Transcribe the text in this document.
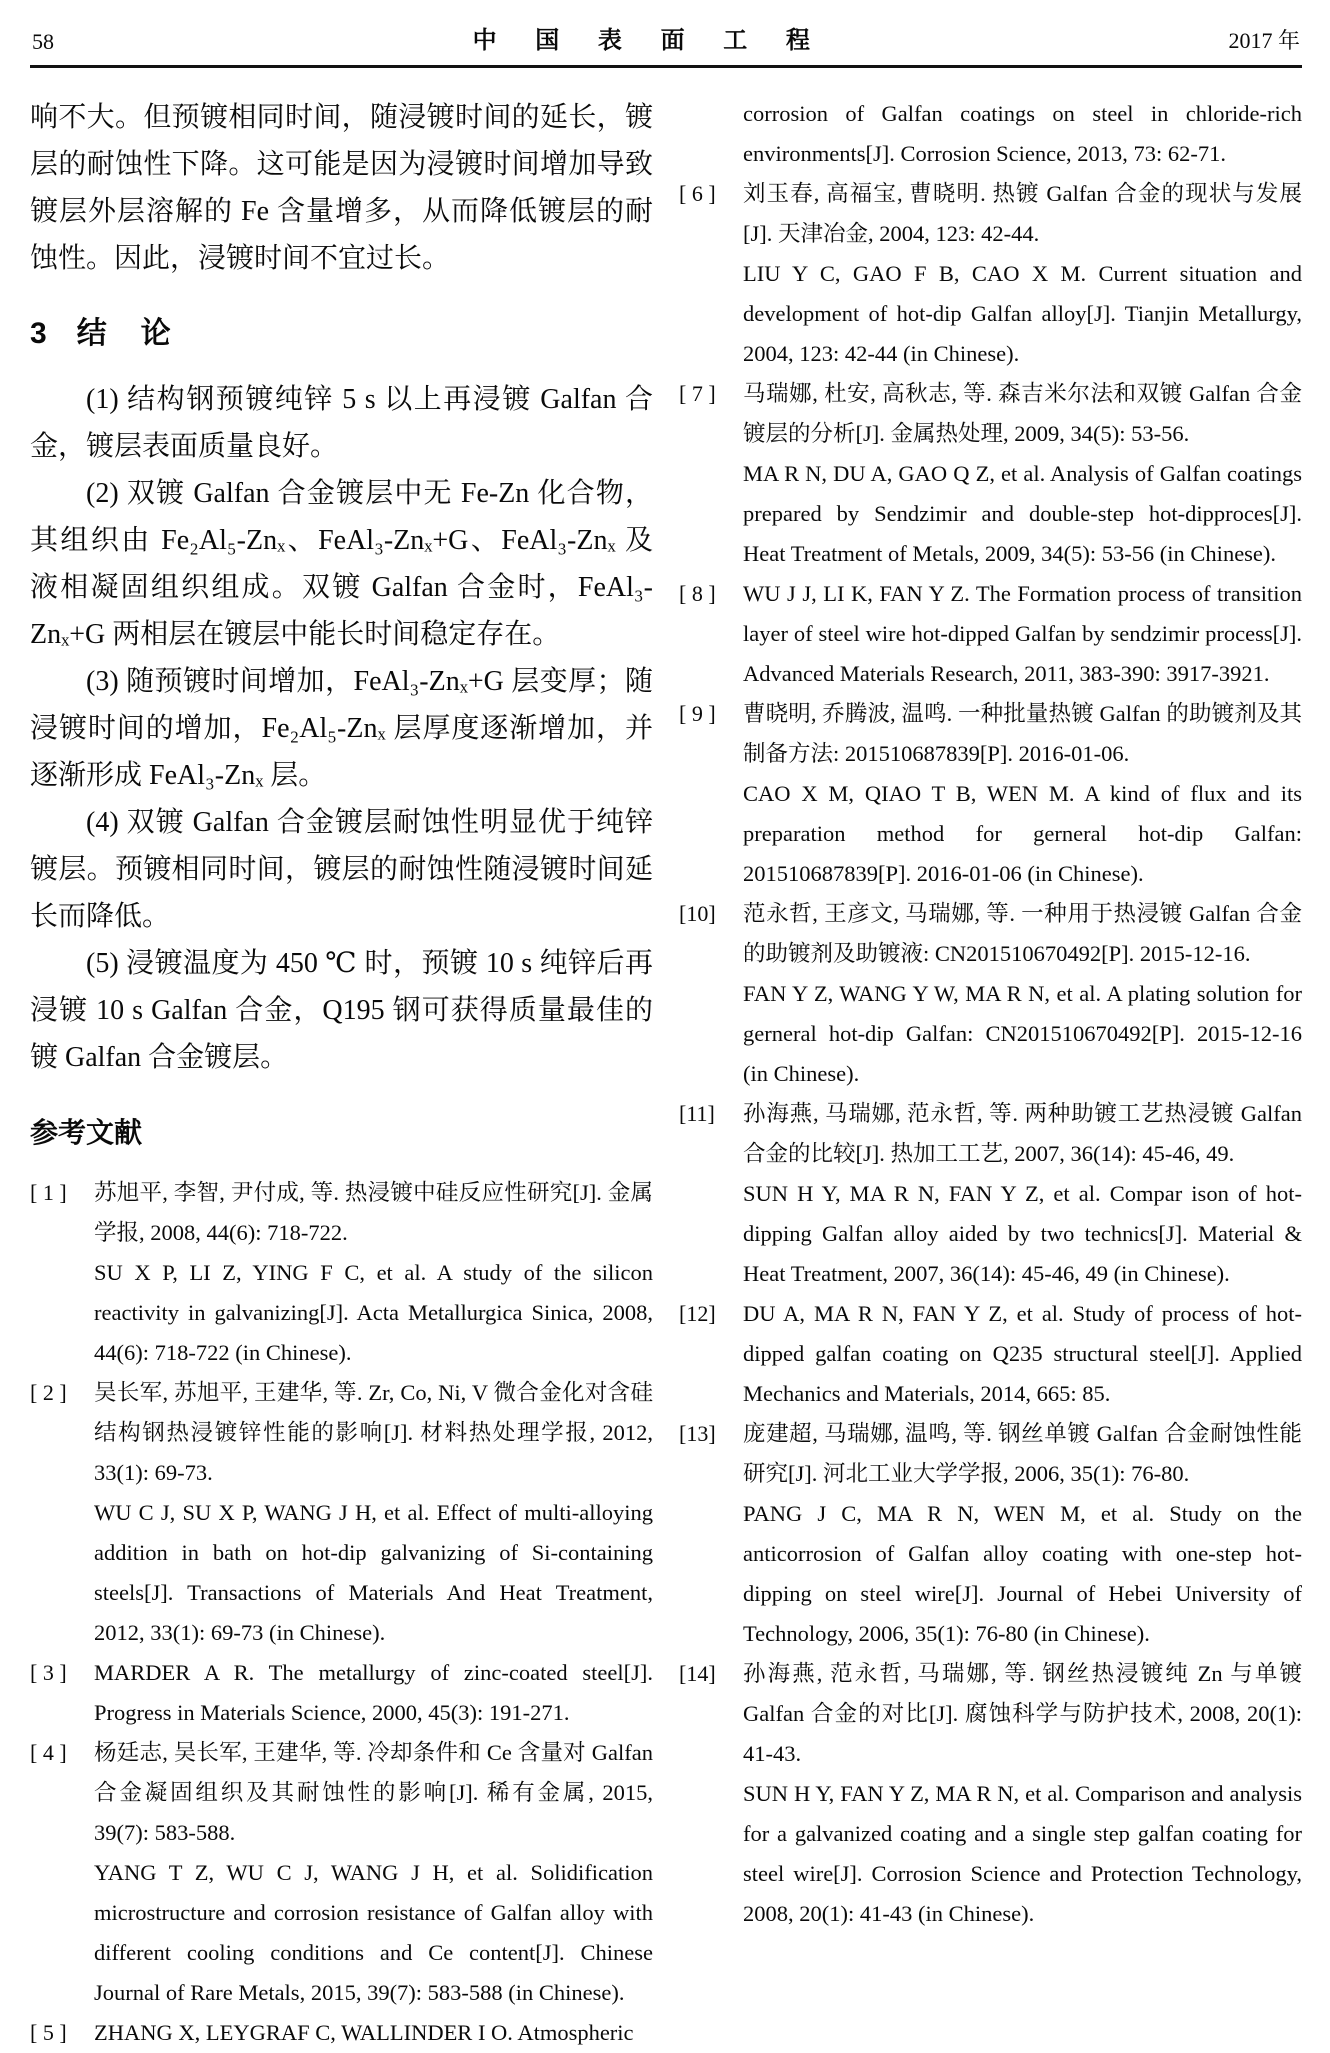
58	中 国 表 面 工 程	2017 年

响不大。但预镀相同时间，随浸镀时间的延长，镀层的耐蚀性下降。这可能是因为浸镀时间增加导致镀层外层溶解的 Fe 含量增多，从而降低镀层的耐蚀性。因此，浸镀时间不宜过长。

3 结　论

(1) 结构钢预镀纯锌 5 s 以上再浸镀 Galfan 合金，镀层表面质量良好。

(2) 双镀 Galfan 合金镀层中无 Fe-Zn 化合物，其组织由 Fe₂Al₅-Znₓ、FeAl₃-Znₓ+G、FeAl₃-Znₓ 及液相凝固组织组成。双镀 Galfan 合金时，FeAl₃-Znₓ+G 两相层在镀层中能长时间稳定存在。

(3) 随预镀时间增加，FeAl₃-Znₓ+G 层变厚；随浸镀时间的增加，Fe₂Al₅-Znₓ 层厚度逐渐增加，并逐渐形成 FeAl₃-Znₓ 层。

(4) 双镀 Galfan 合金镀层耐蚀性明显优于纯锌镀层。预镀相同时间，镀层的耐蚀性随浸镀时间延长而降低。

(5) 浸镀温度为 450 ℃ 时，预镀 10 s 纯锌后再浸镀 10 s Galfan 合金，Q195 钢可获得质量最佳的镀 Galfan 合金镀层。

参考文献
[ 1 ]	苏旭平, 李智, 尹付成, 等. 热浸镀中硅反应性研究[J]. 金属学报, 2008, 44(6): 718-722.

SU X P, LI Z, YING F C, et al. A study of the silicon reactivity in galvanizing[J]. Acta Metallurgica Sinica, 2008, 44(6): 718-722 (in Chinese).

[ 2 ]	吴长军, 苏旭平, 王建华, 等. Zr, Co, Ni, V 微合金化对含硅结构钢热浸镀锌性能的影响[J]. 材料热处理学报, 2012, 33(1): 69-73.

WU C J, SU X P, WANG J H, et al. Effect of multi-alloying addition in bath on hot-dip galvanizing of Si-containing steels[J]. Transactions of Materials And Heat Treatment, 2012, 33(1): 69-73 (in Chinese).

[ 3 ]	MARDER A R. The metallurgy of zinc-coated steel[J]. Progress in Materials Science, 2000, 45(3): 191-271.

[ 4 ]	杨廷志, 吴长军, 王建华, 等. 冷却条件和 Ce 含量对 Galfan 合金凝固组织及其耐蚀性的影响[J]. 稀有金属, 2015, 39(7): 583-588.

YANG T Z, WU C J, WANG J H, et al. Solidification microstructure and corrosion resistance of Galfan alloy with different cooling conditions and Ce content[J]. Chinese Journal of Rare Metals, 2015, 39(7): 583-588 (in Chinese).

[ 5 ]	ZHANG X, LEYGRAF C, WALLINDER I O. Atmospheric

corrosion of Galfan coatings on steel in chloride-rich environments[J]. Corrosion Science, 2013, 73: 62-71.

[ 6 ]	刘玉春, 高福宝, 曹晓明. 热镀 Galfan 合金的现状与发展[J]. 天津冶金, 2004, 123: 42-44.

LIU Y C, GAO F B, CAO X M. Current situation and development of hot-dip Galfan alloy[J]. Tianjin Metallurgy, 2004, 123: 42-44 (in Chinese).

[ 7 ]	马瑞娜, 杜安, 高秋志, 等. 森吉米尔法和双镀 Galfan 合金镀层的分析[J]. 金属热处理, 2009, 34(5): 53-56.

MA R N, DU A, GAO Q Z, et al. Analysis of Galfan coatings prepared by Sendzimir and double-step hot-dipproces[J]. Heat Treatment of Metals, 2009, 34(5): 53-56 (in Chinese).

[ 8 ]	WU J J, LI K, FAN Y Z. The Formation process of transition layer of steel wire hot-dipped Galfan by sendzimir process[J]. Advanced Materials Research, 2011, 383-390: 3917-3921.

[ 9 ]	曹晓明, 乔腾波, 温鸣. 一种批量热镀 Galfan 的助镀剂及其制备方法: 201510687839[P]. 2016-01-06.

CAO X M, QIAO T B, WEN M. A kind of flux and its preparation method for gerneral hot-dip Galfan: 201510687839[P]. 2016-01-06 (in Chinese).

[10]	范永哲, 王彦文, 马瑞娜, 等. 一种用于热浸镀 Galfan 合金的助镀剂及助镀液: CN201510670492[P]. 2015-12-16.

FAN Y Z, WANG Y W, MA R N, et al. A plating solution for gerneral hot-dip Galfan: CN201510670492[P]. 2015-12-16 (in Chinese).

[11]	孙海燕, 马瑞娜, 范永哲, 等. 两种助镀工艺热浸镀 Galfan 合金的比较[J]. 热加工工艺, 2007, 36(14): 45-46, 49.

SUN H Y, MA R N, FAN Y Z, et al. Compar ison of hot-dipping Galfan alloy aided by two technics[J]. Material & Heat Treatment, 2007, 36(14): 45-46, 49 (in Chinese).

[12]	DU A, MA R N, FAN Y Z, et al. Study of process of hot-dipped galfan coating on Q235 structural steel[J]. Applied Mechanics and Materials, 2014, 665: 85.

[13]	庞建超, 马瑞娜, 温鸣, 等. 钢丝单镀 Galfan 合金耐蚀性能研究[J]. 河北工业大学学报, 2006, 35(1): 76-80.

PANG J C, MA R N, WEN M, et al. Study on the anticorrosion of Galfan alloy coating with one-step hot-dipping on steel wire[J]. Journal of Hebei University of Technology, 2006, 35(1): 76-80 (in Chinese).

[14]	孙海燕, 范永哲, 马瑞娜, 等. 钢丝热浸镀纯 Zn 与单镀 Galfan 合金的对比[J]. 腐蚀科学与防护技术, 2008, 20(1): 41-43.

SUN H Y, FAN Y Z, MA R N, et al. Comparison and analysis for a galvanized coating and a single step galfan coating for steel wire[J]. Corrosion Science and Protection Technology, 2008, 20(1): 41-43 (in Chinese).
